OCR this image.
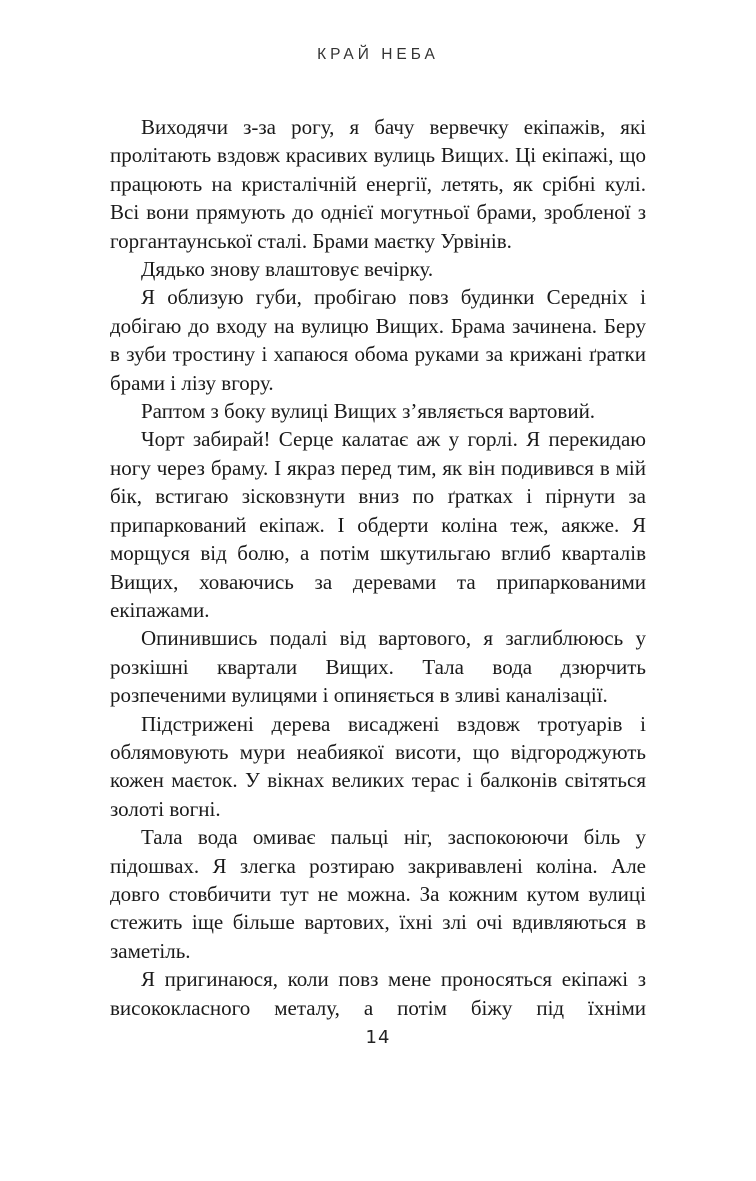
КРАЙ НЕБА

Виходячи з-за рогу, я бачу вервечку екіпажів, які пролітають вздовж красивих вулиць Вищих. Ці екіпажі, що працюють на кристалічній енергії, летять, як срібні кулі. Всі вони прямують до однієї могутньої брами, зробленої з горгантаунської сталі. Брами маєтку Урвінів.

Дядько знову влаштовує вечірку.

Я облизую губи, пробігаю повз будинки Середніх і добігаю до входу на вулицю Вищих. Брама зачинена. Беру в зуби тростину і хапаюся обома руками за крижані ґратки брами і лізу вгору.

Раптом з боку вулиці Вищих з’являється вартовий.

Чорт забирай! Серце калатає аж у горлі. Я перекидаю ногу через браму. І якраз перед тим, як він подивився в мій бік, встигаю зісковзнути вниз по ґратках і пірнути за припаркований екіпаж. І обдерти коліна теж, аякже. Я морщуся від болю, а потім шкутильгаю вглиб кварталів Вищих, ховаючись за деревами та припаркованими екіпажами.

Опинившись подалі від вартового, я заглиблююсь у розкішні квартали Вищих. Тала вода дзюрчить розпеченими вулицями і опиняється в зливі каналізації.

Підстрижені дерева висаджені вздовж тротуарів і облямовують мури неабиякої висоти, що відгороджують кожен маєток. У вікнах великих терас і балконів світяться золоті вогні.

Тала вода омиває пальці ніг, заспокоюючи біль у підошвах. Я злегка розтираю закривавлені коліна. Але довго стовбичити тут не можна. За кожним кутом вулиці стежить іще більше вартових, їхні злі очі вдивляються в заметіль.

Я пригинаюся, коли повз мене проносяться екіпажі з висококласного металу, а потім біжу під їхніми

14
